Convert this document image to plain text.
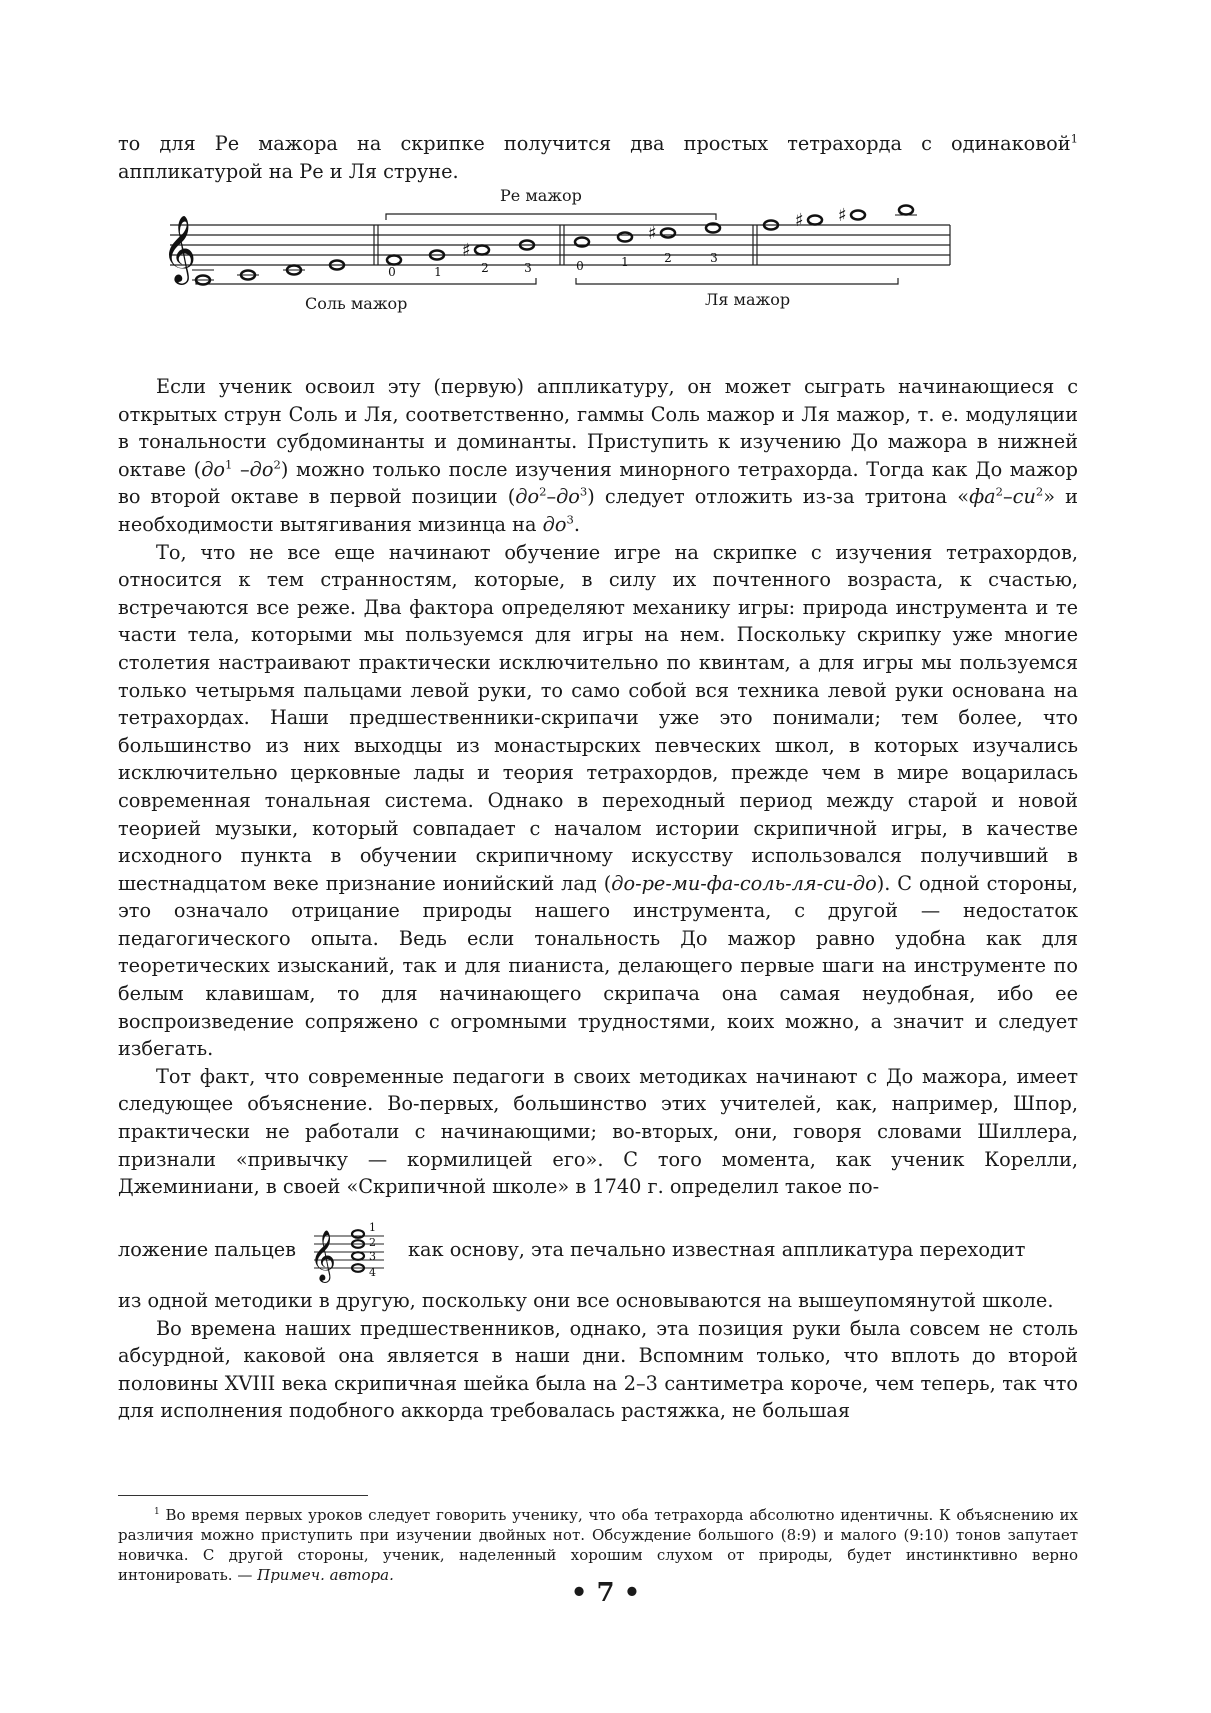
то для Ре мажора на скрипке получится два простых тетрахорда с одинаковой$^1$ аппликатурой на Ре и Ля струне.

𝄞	♯
♯
♯ ♯
0	1	2	3	0	1	2	3
Ре мажор
Соль мажор	Ля мажор

Если ученик освоил эту (первую) аппликатуру, он может сыграть начинающиеся с открытых струн Соль и Ля, соответственно, гаммы Соль мажор и Ля мажор, т. е. модуляции в тональности субдоминанты и доминанты. Приступить к изучению До мажора в нижней октаве ($до^1$ $-до^2$) можно только после изучения минорного тетрахорда. Тогда как До мажор во второй октаве в первой позиции $(до^2-до^3)$ следует отложить из-за тритона «$фа^2-си^2$» и необходимости вытягивания мизинца на $до^3$.

То, что не все еще начинают обучение игре на скрипке с изучения тетрахордов, относится к тем странностям, которые, в силу их почтенного возраста, к счастью, встречаются все реже. Два фактора определяют механику игры: природа инструмента и те части тела, которыми мы пользуемся для игры на нем. Поскольку скрипку уже многие столетия настраивают практически исключительно по квинтам, а для игры мы пользуемся только четырьмя пальцами левой руки, то само собой вся техника левой руки основана на тетрахордах. Наши предшественники-скрипачи уже это понимали; тем более, что большинство из них выходцы из монастырских певческих школ, в которых изучались исключительно церковные лады и теория тетрахордов, прежде чем в мире воцарилась современная тональная система. Однако в переходный период между старой и новой теорией музыки, который совпадает с началом истории скрипичной игры, в качестве исходного пункта в обучении скрипичному искусству использовался получивший в шестнадцатом веке признание ионийский лад (до-ре-ми-фа-соль-ля-си-до). С одной стороны, это означало отрицание природы нашего инструмента, с другой — недостаток педагогического опыта. Ведь если тональность До мажор равно удобна как для теоретических изысканий, так и для пианиста, делающего первые шаги на инструменте по белым клавишам, то для начинающего скрипача она самая неудобная, ибо ее воспроизведение сопряжено с огромными трудностями, коих можно, а значит и следует избегать.

Тот факт, что современные педагоги в своих методиках начинают с До мажора, имеет следующее объяснение. Во-первых, большинство этих учителей, как, например, Шпор, практически не работали с начинающими; во-вторых, они, говоря словами Шиллера, признали «привычку — кормилицей его». С того момента, как ученик Корелли, Джеминиани, в своей «Скрипичной школе» в 1740 г. определил такое по-

ложение пальцев 𝄞
1
2
3
4
как основу, эта печально известная аппликатура переходит

из одной методики в другую, поскольку они все основываются на вышеупомянутой школе.

Во времена наших предшественников, однако, эта позиция руки была совсем не столь абсурдной, каковой она является в наши дни. Вспомним только, что вплоть до второй половины XVIII века скрипичная шейка была на 2–3 сантиметра короче, чем теперь, так что для исполнения подобного аккорда требовалась растяжка, не большая

$^1$ Во время первых уроков следует говорить ученику, что оба тетрахорда абсолютно идентичны. К объяснению их различия можно приступить при изучении двойных нот. Обсуждение большого (8:9) и малого (9:10) тонов запутает новичка. С другой стороны, ученик, наделенный хорошим слухом от природы, будет инстинктивно верно интонировать. — Примеч. автора.

• 7 •
